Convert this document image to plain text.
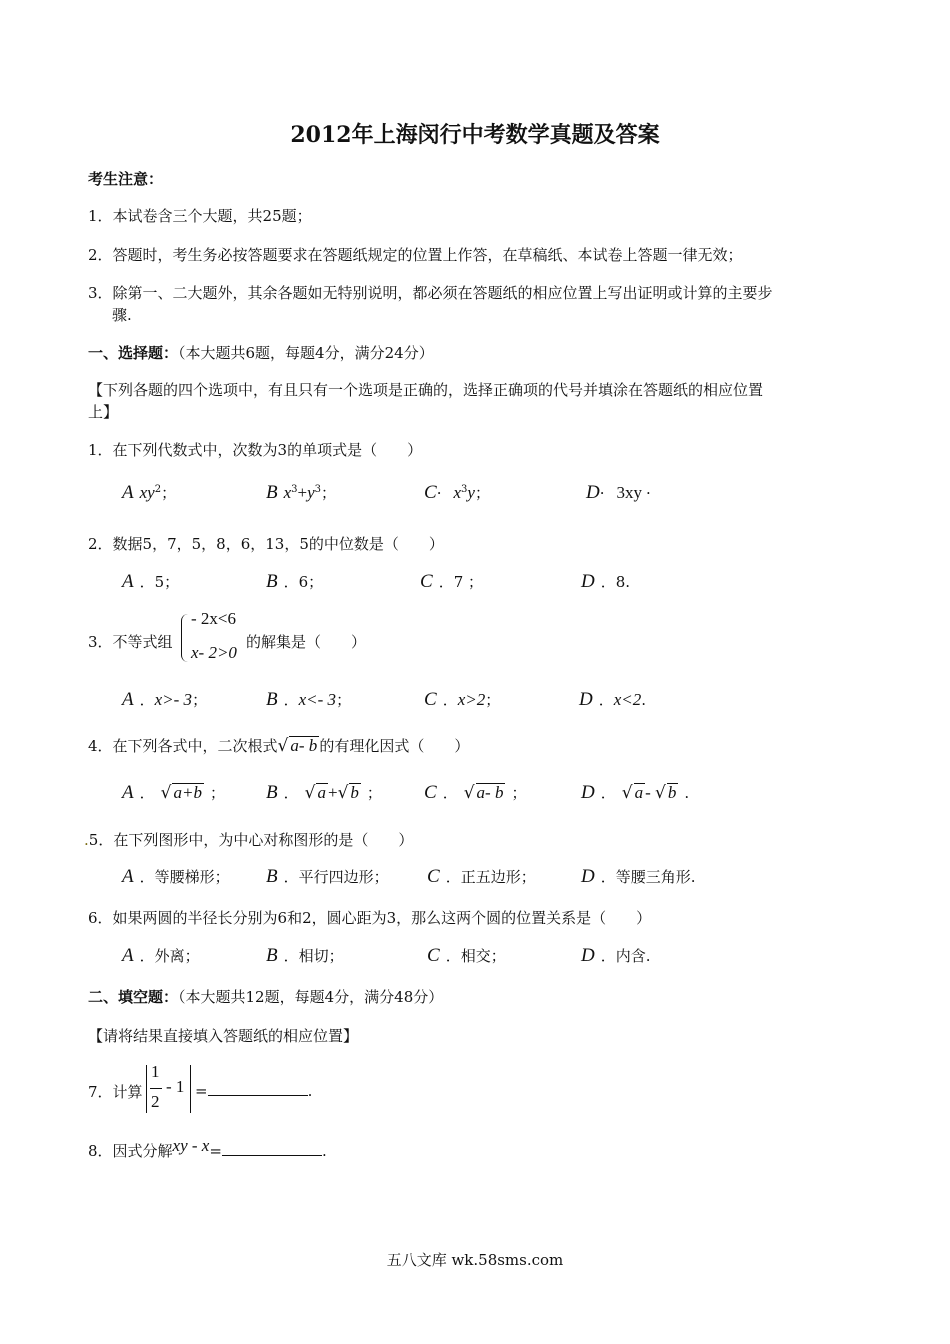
2012年上海闵行中考数学真题及答案
考生注意：
1．本试卷含三个大题，共25题；
2．答题时，考生务必按答题要求在答题纸规定的位置上作答，在草稿纸、本试卷上答题一律无效；
3．除第一、二大题外，其余各题如无特别说明，都必须在答题纸的相应位置上写出证明或计算的主要步
骤.
一、选择题：（本大题共6题，每题4分，满分24分）
【下列各题的四个选项中，有且只有一个选项是正确的，选择正确项的代号并填涂在答题纸的相应位置
上】
1．在下列代数式中，次数为3的单项式是（　　）
A $xy^2$；	B $x^3+y^3$；	$C\cdot x^3y$；	D· 3xy ·
2．数据5，7，5，8，6，13，5的中位数是（　　）
A ．5；	B ．6；	C ．7 ；	D ．8.
3．不等式组
- 2x<6
x- 2>0
的解集是（　　）
A ．x>- 3；	B ．x<- 3；	C ．x>2；	D ．x<2.
4．在下列各式中，二次根式√ a- b 的有理化因式（　　）
A ． √ a+b ； B ． √ a +√ b ； C ． √ a- b ；	D ． √ a - √ b .
.5．在下列图形中，为中心对称图形的是（　　）
A ．等腰梯形； B ．平行四边形； C ．正五边形； D ．等腰三角形.
6．如果两圆的半径长分别为6和2，圆心距为3，那么这两个圆的位置关系是（　　）
A ．外离；	B ．相切；	C ．相交；	D ．内含.
二、填空题：（本大题共12题，每题4分，满分48分）
【请将结果直接填入答题纸的相应位置】
7．计算
1
2
- 1 =	.
8．因式分解xy - x=	.
五八文库 wk.58sms.com
